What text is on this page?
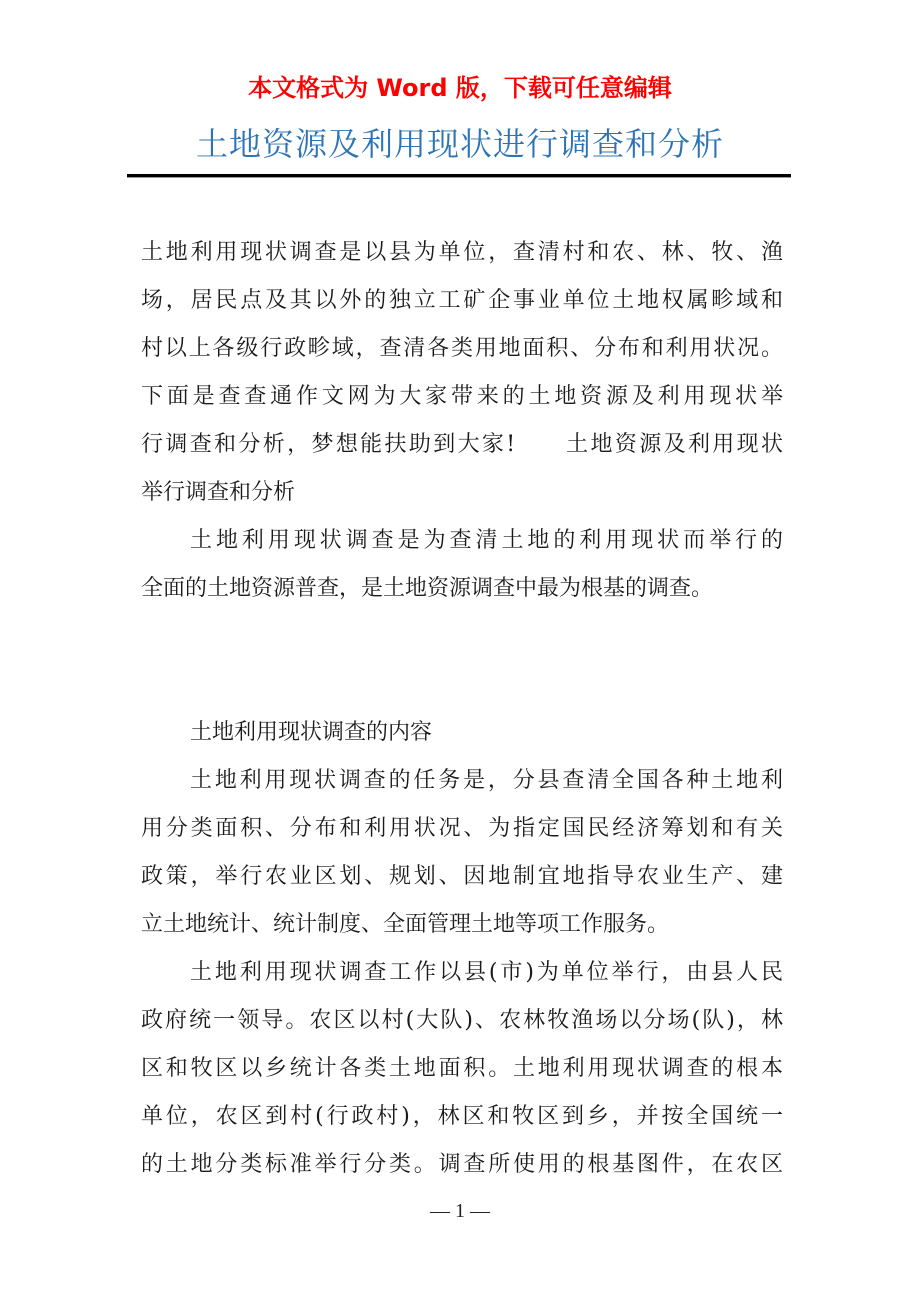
本文格式为 Word 版，下载可任意编辑
土地资源及利用现状进行调查和分析
土地利用现状调查是以县为单位，查清村和农、林、牧、渔
场，居民点及其以外的独立工矿企事业单位土地权属畛域和
村以上各级行政畛域，查清各类用地面积、分布和利用状况。
下面是查查通作文网为大家带来的土地资源及利用现状举
行调查和分析，梦想能扶助到大家!　　土地资源及利用现状
举行调查和分析
土地利用现状调查是为查清土地的利用现状而举行的
全面的土地资源普查，是土地资源调查中最为根基的调查。
土地利用现状调查的内容
土地利用现状调查的任务是，分县查清全国各种土地利
用分类面积、分布和利用状况、为指定国民经济筹划和有关
政策，举行农业区划、规划、因地制宜地指导农业生产、建
立土地统计、统计制度、全面管理土地等项工作服务。
土地利用现状调查工作以县(市)为单位举行，由县人民
政府统一领导。农区以村(大队)、农林牧渔场以分场(队)，林
区和牧区以乡统计各类土地面积。土地利用现状调查的根本
单位，农区到村(行政村)，林区和牧区到乡，并按全国统一
的土地分类标准举行分类。调查所使用的根基图件，在农区
— 1 —
